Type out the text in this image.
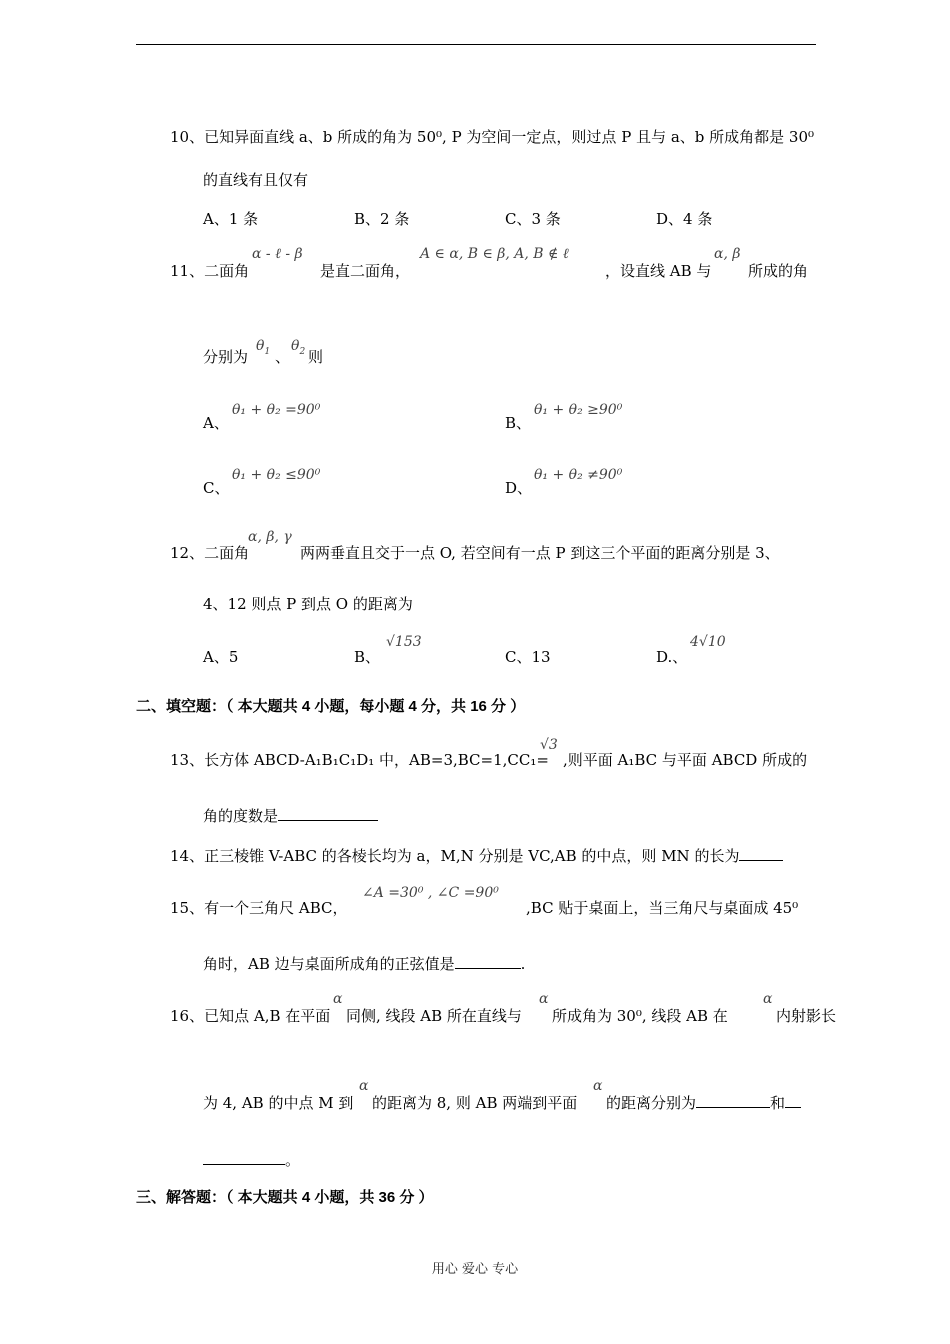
10、已知异面直线 a、b 所成的角为 50⁰, P 为空间一定点，则过点 P 且与 a、b 所成角都是 30⁰
的直线有且仅有
A、1 条	B、2 条	C、3 条	D、4 条
11、二面角
α - ℓ - β
是直二面角，
A ∈ α, B ∈ β, A, B ∉ ℓ
，设直线 AB 与
α, β
所成的角
分别为
$\theta_1$ 、
$\theta_2$ 则
A、
θ₁ + θ₂ =90⁰
B、
θ₁ + θ₂ ≥90⁰
C、
θ₁ + θ₂ ≤90⁰
D、
θ₁ + θ₂ ≠90⁰
12、二面角
α, β, γ
两两垂直且交于一点 O, 若空间有一点 P 到这三个平面的距离分别是 3、
4、12 则点 P 到点 O 的距离为
A、5	B、
√153
C、13	D.、
4√10
二、填空题：（ 本大题共 4 小题，每小题 4 分，共 16 分 ）
13、长方体 ABCD-A₁B₁C₁D₁ 中，AB=3,BC=1,CC₁=
√3
,则平面 A₁BC 与平面 ABCD 所成的
角的度数是
14、正三棱锥 V-ABC 的各棱长均为 a，M,N 分别是 VC,AB 的中点，则 MN 的长为
15、有一个三角尺 ABC，
∠A =30⁰ , ∠C =90⁰
,BC 贴于桌面上，当三角尺与桌面成 45⁰
角时，AB 边与桌面所成角的正弦值是	.
16、已知点 A,B 在平面
α
同侧, 线段 AB 所在直线与
α
所成角为 30⁰, 线段 AB 在
α
内射影长
为 4, AB 的中点 M 到
α
的距离为 8, 则 AB 两端到平面
α
的距离分别为	和
。
三、解答题：（ 本大题共 4 小题，共 36 分 ）
用心 爱心 专心
